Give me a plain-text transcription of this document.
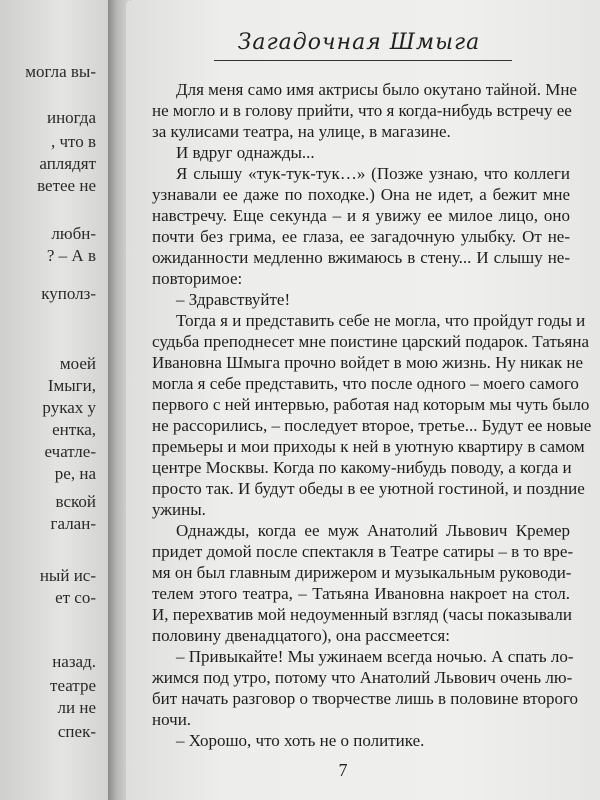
могла вы-
иногда
, что в
аплядят
ветее не
любн-
? – А в
куполз-
моей
Імыги,
руках у
ентка,
ечатле-
ре, на
вской
галан-
ный ис-
ет со-
назад.
театре
ли не
спек-
Загадочная Шмыга
Для меня само имя актрисы было окутано тайной. Мне
не могло и в голову прийти, что я когда-нибудь встречу ее
за кулисами театра, на улице, в магазине.
И вдруг однажды...
Я слышу «тук-тук-тук…» (Позже узнаю, что коллеги
узнавали ее даже по походке.) Она не идет, а бежит мне
навстречу. Еще секунда – и я увижу ее милое лицо, оно
почти без грима, ее глаза, ее загадочную улыбку. От не-
ожиданности медленно вжимаюсь в стену... И слышу не-
повторимое:
– Здравствуйте!
Тогда я и представить себе не могла, что пройдут годы и
судьба преподнесет мне поистине царский подарок. Татьяна
Ивановна Шмыга прочно войдет в мою жизнь. Ну никак не
могла я себе представить, что после одного – моего самого
первого с ней интервью, работая над которым мы чуть было
не рассорились, – последует второе, третье... Будут ее новые
премьеры и мои приходы к ней в уютную квартиру в самом
центре Москвы. Когда по какому-нибудь поводу, а когда и
просто так. И будут обеды в ее уютной гостиной, и поздние
ужины.
Однажды, когда ее муж Анатолий Львович Кремер
придет домой после спектакля в Театре сатиры – в то вре-
мя он был главным дирижером и музыкальным руководи-
телем этого театра, – Татьяна Ивановна накроет на стол.
И, перехватив мой недоуменный взгляд (часы показывали
половину двенадцатого), она рассмеется:
– Привыкайте! Мы ужинаем всегда ночью. А спать ло-
жимся под утро, потому что Анатолий Львович очень лю-
бит начать разговор о творчестве лишь в половине второго
ночи.
– Хорошо, что хоть не о политике.
7
